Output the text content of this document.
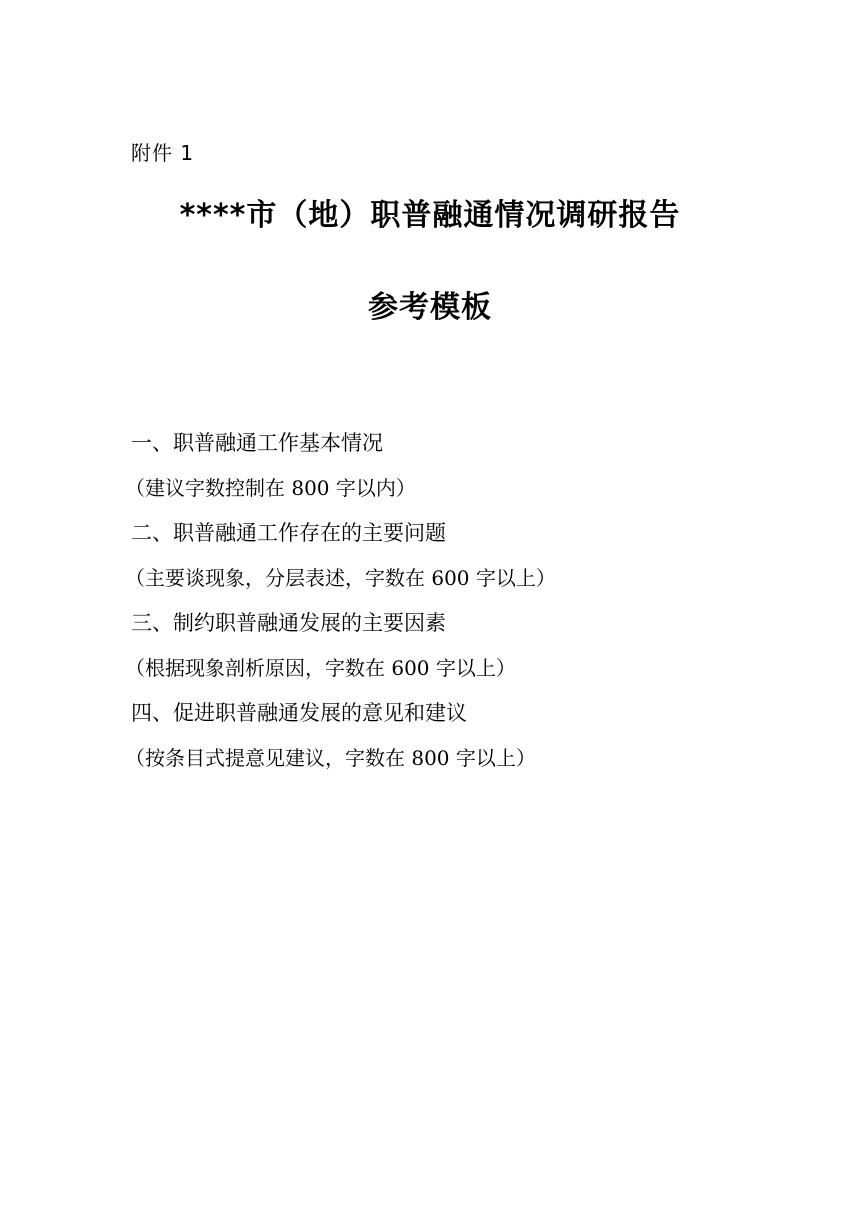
附件 1
****市（地）职普融通情况调研报告
参考模板
一、职普融通工作基本情况
（建议字数控制在 800 字以内）
二、职普融通工作存在的主要问题
（主要谈现象，分层表述，字数在 600 字以上）
三、制约职普融通发展的主要因素
（根据现象剖析原因，字数在 600 字以上）
四、促进职普融通发展的意见和建议
（按条目式提意见建议，字数在 800 字以上）
